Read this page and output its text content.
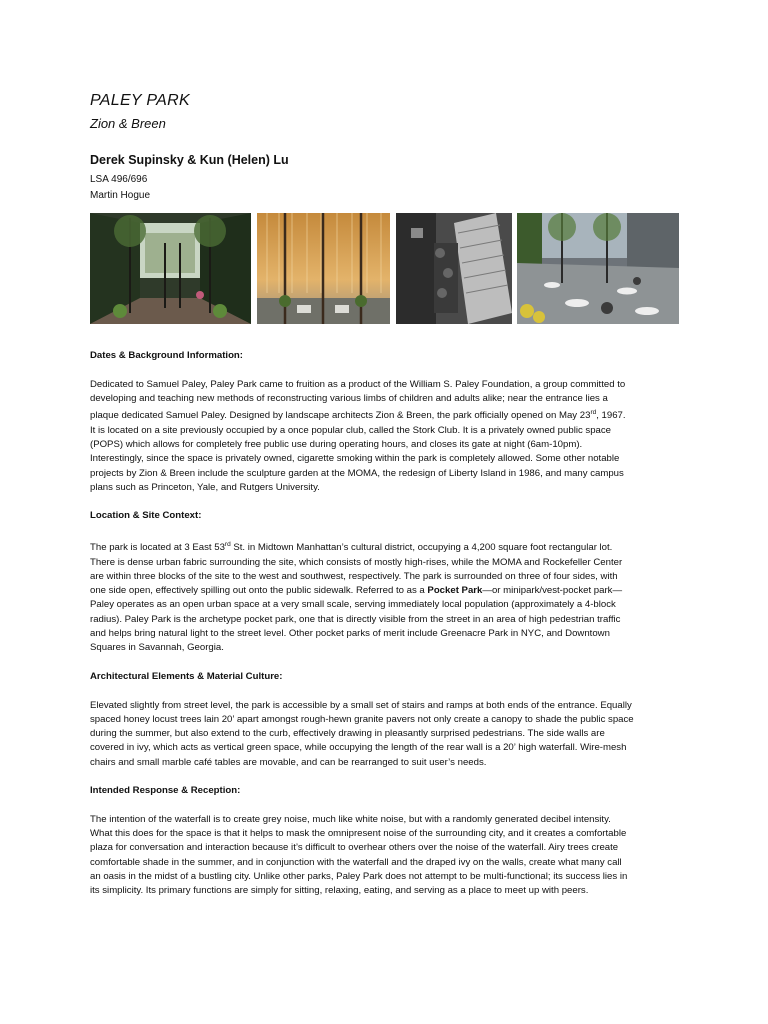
PALEY PARK
Zion & Breen
Derek Supinsky & Kun (Helen) Lu
LSA 496/696
Martin Hogue

Dates & Background Information:

Dedicated to Samuel Paley, Paley Park came to fruition as a product of the William S. Paley Foundation, a group committed to
developing and teaching new methods of reconstructing various limbs of children and adults alike; near the entrance lies a
plaque dedicated Samuel Paley. Designed by landscape architects Zion & Breen, the park officially opened on May 23rd, 1967.
It is located on a site previously occupied by a once popular club, called the Stork Club. It is a privately owned public space
(POPS) which allows for completely free public use during operating hours, and closes its gate at night (6am-10pm).
Interestingly, since the space is privately owned, cigarette smoking within the park is completely allowed. Some other notable
projects by Zion & Breen include the sculpture garden at the MOMA, the redesign of Liberty Island in 1986, and many campus
plans such as Princeton, Yale, and Rutgers University.

Location & Site Context:

The park is located at 3 East 53rd St. in Midtown Manhattan’s cultural district, occupying a 4,200 square foot rectangular lot.
There is dense urban fabric surrounding the site, which consists of mostly high-rises, while the MOMA and Rockefeller Center
are within three blocks of the site to the west and southwest, respectively. The park is surrounded on three of four sides, with
one side open, effectively spilling out onto the public sidewalk. Referred to as a Pocket Park—or minipark/vest-pocket park—
Paley operates as an open urban space at a very small scale, serving immediately local population (approximately a 4-block
radius). Paley Park is the archetype pocket park, one that is directly visible from the street in an area of high pedestrian traffic
and helps bring natural light to the street level. Other pocket parks of merit include Greenacre Park in NYC, and Downtown
Squares in Savannah, Georgia.

Architectural Elements & Material Culture:

Elevated slightly from street level, the park is accessible by a small set of stairs and ramps at both ends of the entrance. Equally
spaced honey locust trees lain 20’ apart amongst rough-hewn granite pavers not only create a canopy to shade the public space
during the summer, but also extend to the curb, effectively drawing in pleasantly surprised pedestrians. The side walls are
covered in ivy, which acts as vertical green space, while occupying the length of the rear wall is a 20’ high waterfall. Wire-mesh
chairs and small marble café tables are movable, and can be rearranged to suit user’s needs.

Intended Response & Reception:

The intention of the waterfall is to create grey noise, much like white noise, but with a randomly generated decibel intensity.
What this does for the space is that it helps to mask the omnipresent noise of the surrounding city, and it creates a comfortable
plaza for conversation and interaction because it’s difficult to overhear others over the noise of the waterfall. Airy trees create
comfortable shade in the summer, and in conjunction with the waterfall and the draped ivy on the walls, create what many call
an oasis in the midst of a bustling city. Unlike other parks, Paley Park does not attempt to be multi-functional; its success lies in
its simplicity. Its primary functions are simply for sitting, relaxing, eating, and serving as a place to meet up with peers.
